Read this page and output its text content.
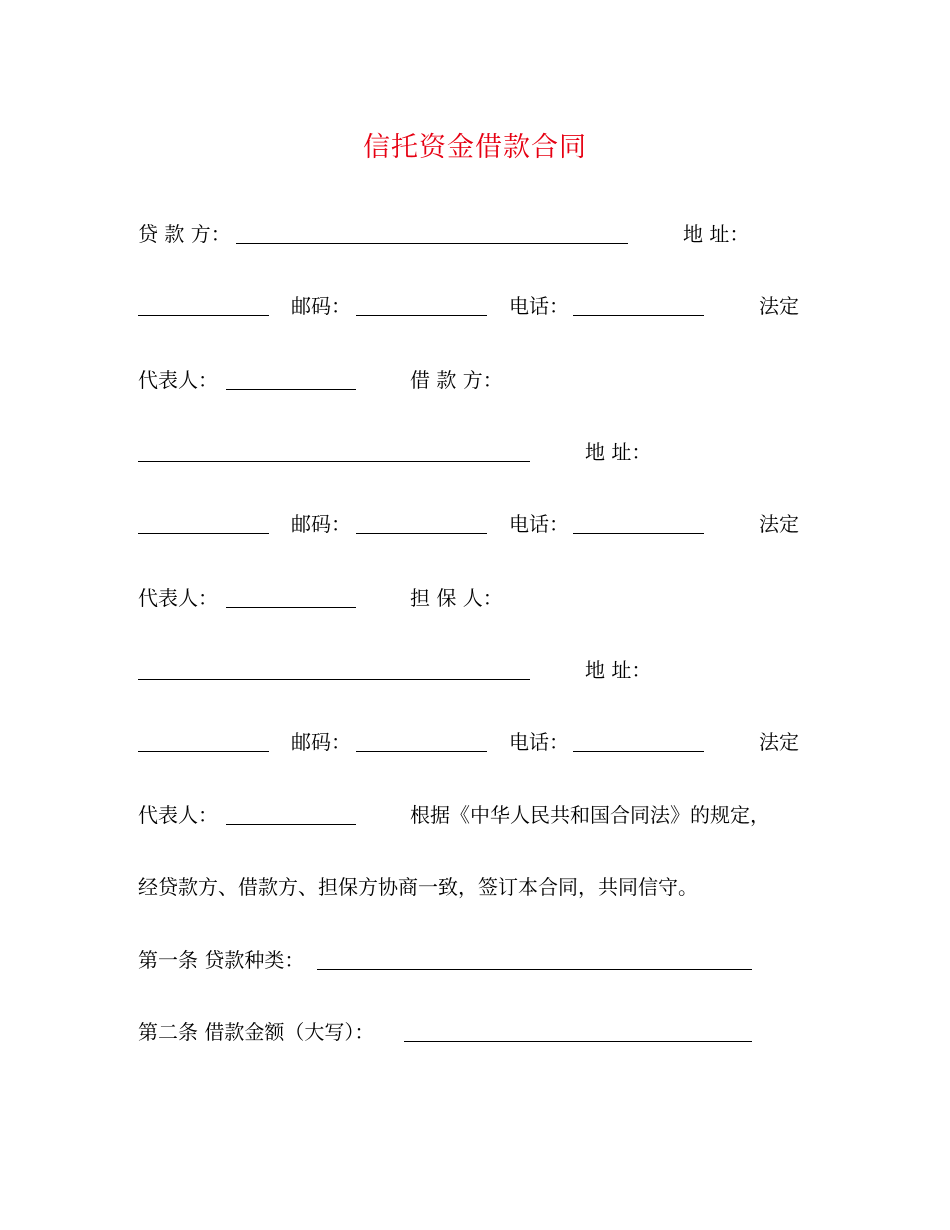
信托资金借款合同
贷 款 方：	地 址：
邮码：	电话：	法定
代表人：	借 款 方：
地 址：
邮码：	电话：	法定
代表人：	担 保 人：
地 址：
邮码：	电话：	法定
代表人：	根据《中华人民共和国合同法》的规定，
经贷款方、借款方、担保方协商一致，签订本合同，共同信守。
第一条 贷款种类：
第二条 借款金额（大写）：
